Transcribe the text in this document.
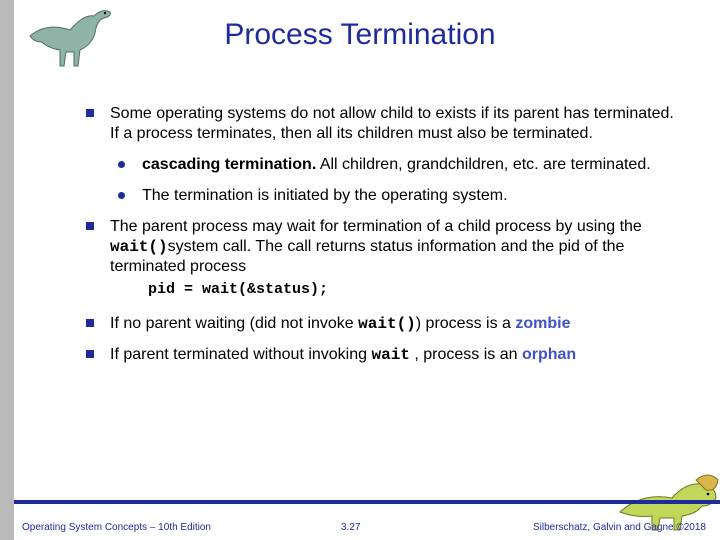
Process Termination

Some operating systems do not allow child to exists if its parent has terminated. If a process terminates, then all its children must also be terminated.

cascading termination. All children, grandchildren, etc. are terminated.

The termination is initiated by the operating system.

The parent process may wait for termination of a child process by using the wait()system call. The call returns status information and the pid of the terminated process

pid = wait(&status);

If no parent waiting (did not invoke wait()) process is a zombie

If parent terminated without invoking wait , process is an orphan

Operating System Concepts – 10th Edition	3.27	Silberschatz, Galvin and Gagne ©2018
